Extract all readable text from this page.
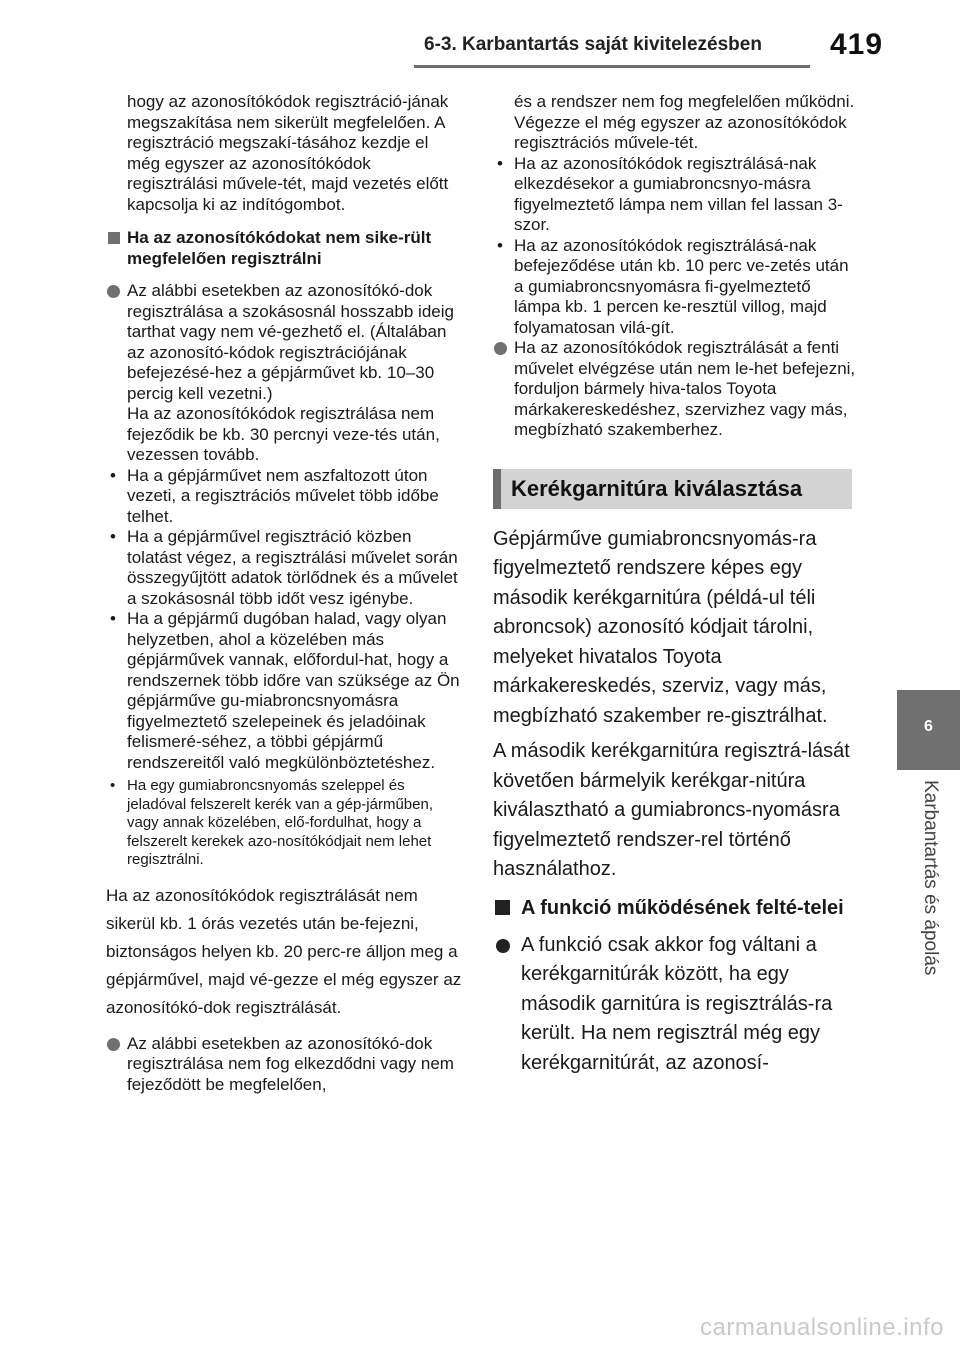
6-3. Karbantartás saját kivitelezésben 419
6
Karbantartás és ápolás

hogy az azonosítókódok regisztráció-jának megszakítása nem sikerült megfelelően. A regisztráció megszakí-tásához kezdje el még egyszer az azonosítókódok regisztrálási művele-tét, majd vezetés előtt kapcsolja ki az indítógombot.

Ha az azonosítókódokat nem sike-rült megfelelően regisztrálni

Az alábbi esetekben az azonosítókó-dok regisztrálása a szokásosnál hosszabb ideig tarthat vagy nem vé-gezhető el. (Általában az azonosító-kódok regisztrációjának befejezésé-hez a gépjárművet kb. 10–30 percig kell vezetni.)

Ha az azonosítókódok regisztrálása nem fejeződik be kb. 30 percnyi veze-tés után, vezessen tovább.

• Ha a gépjárművet nem aszfaltozott úton vezeti, a regisztrációs művelet több időbe telhet.

• Ha a gépjárművel regisztráció közben tolatást végez, a regisztrálási művelet során összegyűjtött adatok törlődnek és a művelet a szokásosnál több időt vesz igénybe.

• Ha a gépjármű dugóban halad, vagy olyan helyzetben, ahol a közelében más gépjárművek vannak, előfordul-hat, hogy a rendszernek több időre van szüksége az Ön gépjárműve gu-miabroncsnyomásra figyelmeztető szelepeinek és jeladóinak felismeré-séhez, a többi gépjármű rendszereitől való megkülönböztetéshez.

• Ha egy gumiabroncsnyomás szeleppel és jeladóval felszerelt kerék van a gép-járműben, vagy annak közelében, elő-fordulhat, hogy a felszerelt kerekek azo-nosítókódjait nem lehet regisztrálni.

Ha az azonosítókódok regisztrálását nem sikerül kb. 1 órás vezetés után be-fejezni, biztonságos helyen kb. 20 perc-re álljon meg a gépjárművel, majd vé-gezze el még egyszer az azonosítókó-dok regisztrálását.

Az alábbi esetekben az azonosítókó-dok regisztrálása nem fog elkezdődni vagy nem fejeződött be megfelelően,

és a rendszer nem fog megfelelően működni. Végezze el még egyszer az azonosítókódok regisztrációs művele-tét.

• Ha az azonosítókódok regisztrálásá-nak elkezdésekor a gumiabroncsnyo-másra figyelmeztető lámpa nem villan fel lassan 3-szor.

• Ha az azonosítókódok regisztrálásá-nak befejeződése után kb. 10 perc ve-zetés után a gumiabroncsnyomásra fi-gyelmeztető lámpa kb. 1 percen ke-resztül villog, majd folyamatosan vilá-gít.

Ha az azonosítókódok regisztrálását a fenti művelet elvégzése után nem le-het befejezni, forduljon bármely hiva-talos Toyota márkakereskedéshez, szervizhez vagy más, megbízható szakemberhez.

Kerékgarnitúra kiválasztása

Gépjárműve gumiabroncsnyomás-ra figyelmeztető rendszere képes egy második kerékgarnitúra (példá-ul téli abroncsok) azonosító kódjait tárolni, melyeket hivatalos Toyota márkakereskedés, szerviz, vagy más, megbízható szakember re-gisztrálhat.

A második kerékgarnitúra regisztrá-lását követően bármelyik kerékgar-nitúra kiválasztható a gumiabroncs-nyomásra figyelmeztető rendszer-rel történő használathoz.

A funkció működésének felté-telei

A funkció csak akkor fog váltani a kerékgarnitúrák között, ha egy második garnitúra is regisztrálás-ra került. Ha nem regisztrál még egy kerékgarnitúrát, az azonosí-

carmanualsonline.info
